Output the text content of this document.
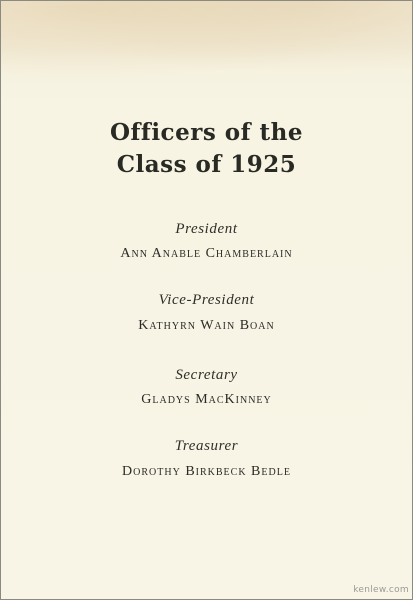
Officers of the
Class of 1925
President
Ann Anable Chamberlain
Vice-President
Kathyrn Wain Boan
Secretary
Gladys MacKinney
Treasurer
Dorothy Birkbeck Bedle
kenlew.com
